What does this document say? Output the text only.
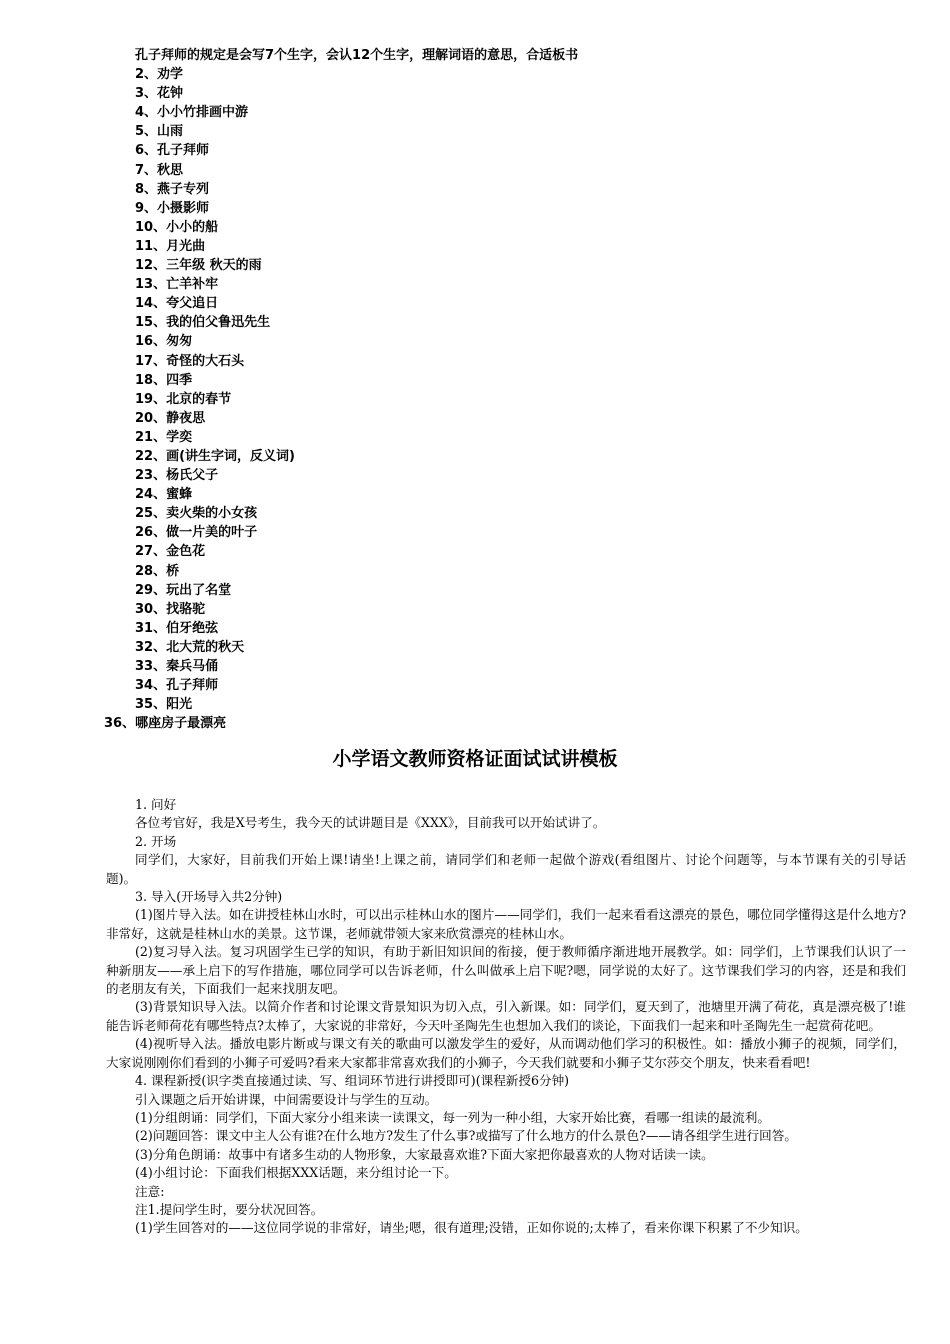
孔子拜师的规定是会写7个生字，会认12个生字，理解词语的意思，合适板书
2、劝学
3、花钟
4、小小竹排画中游
5、山雨
6、孔子拜师
7、秋思
8、燕子专列
9、小摄影师
10、小小的船
11、月光曲
12、三年级 秋天的雨
13、亡羊补牢
14、夸父追日
15、我的伯父鲁迅先生
16、匆匆
17、奇怪的大石头
18、四季
19、北京的春节
20、静夜思
21、学奕
22、画(讲生字词，反义词)
23、杨氏父子
24、蜜蜂
25、卖火柴的小女孩
26、做一片美的叶子
27、金色花
28、桥
29、玩出了名堂
30、找骆驼
31、伯牙绝弦
32、北大荒的秋天
33、秦兵马俑
34、孔子拜师
35、阳光
36、哪座房子最漂亮
小学语文教师资格证面试试讲模板

1. 问好

各位考官好，我是X号考生，我今天的试讲题目是《XXX》，目前我可以开始试讲了。

2. 开场

同学们，大家好，目前我们开始上课!请坐!上课之前，请同学们和老师一起做个游戏(看组图片、讨论个问题等，与本节课有关的引导话题)。

3. 导入(开场导入共2分钟)

(1)图片导入法。如在讲授桂林山水时，可以出示桂林山水的图片——同学们，我们一起来看看这漂亮的景色，哪位同学懂得这是什么地方?非常好，这就是桂林山水的美景。这节课，老师就带领大家来欣赏漂亮的桂林山水。

(2)复习导入法。复习巩固学生已学的知识，有助于新旧知识间的衔接，便于教师循序渐进地开展教学。如：同学们，上节课我们认识了一种新朋友——承上启下的写作措施，哪位同学可以告诉老师，什么叫做承上启下呢?嗯，同学说的太好了。这节课我们学习的内容，还是和我们的老朋友有关，下面我们一起来找朋友吧。

(3)背景知识导入法。以简介作者和讨论课文背景知识为切入点，引入新课。如：同学们，夏天到了，池塘里开满了荷花，真是漂亮极了!谁能告诉老师荷花有哪些特点?太棒了，大家说的非常好，今天叶圣陶先生也想加入我们的谈论，下面我们一起来和叶圣陶先生一起赏荷花吧。

(4)视听导入法。播放电影片断或与课文有关的歌曲可以激发学生的爱好，从而调动他们学习的积极性。如：播放小狮子的视频，同学们，大家说刚刚你们看到的小狮子可爱吗?看来大家都非常喜欢我们的小狮子，今天我们就要和小狮子艾尔莎交个朋友，快来看看吧!

4. 课程新授(识字类直接通过读、写、组词环节进行讲授即可)(课程新授6分钟)

引入课题之后开始讲课，中间需要设计与学生的互动。

(1)分组朗诵：同学们，下面大家分小组来读一读课文，每一列为一种小组，大家开始比赛，看哪一组读的最流利。

(2)问题回答：课文中主人公有谁?在什么地方?发生了什么事?或描写了什么地方的什么景色?——请各组学生进行回答。

(3)分角色朗诵：故事中有诸多生动的人物形象，大家最喜欢谁?下面大家把你最喜欢的人物对话读一读。

(4)小组讨论：下面我们根据XXX话题，来分组讨论一下。

注意:

注1.提问学生时，要分状况回答。

(1)学生回答对的——这位同学说的非常好，请坐;嗯，很有道理;没错，正如你说的;太棒了，看来你课下积累了不少知识。
